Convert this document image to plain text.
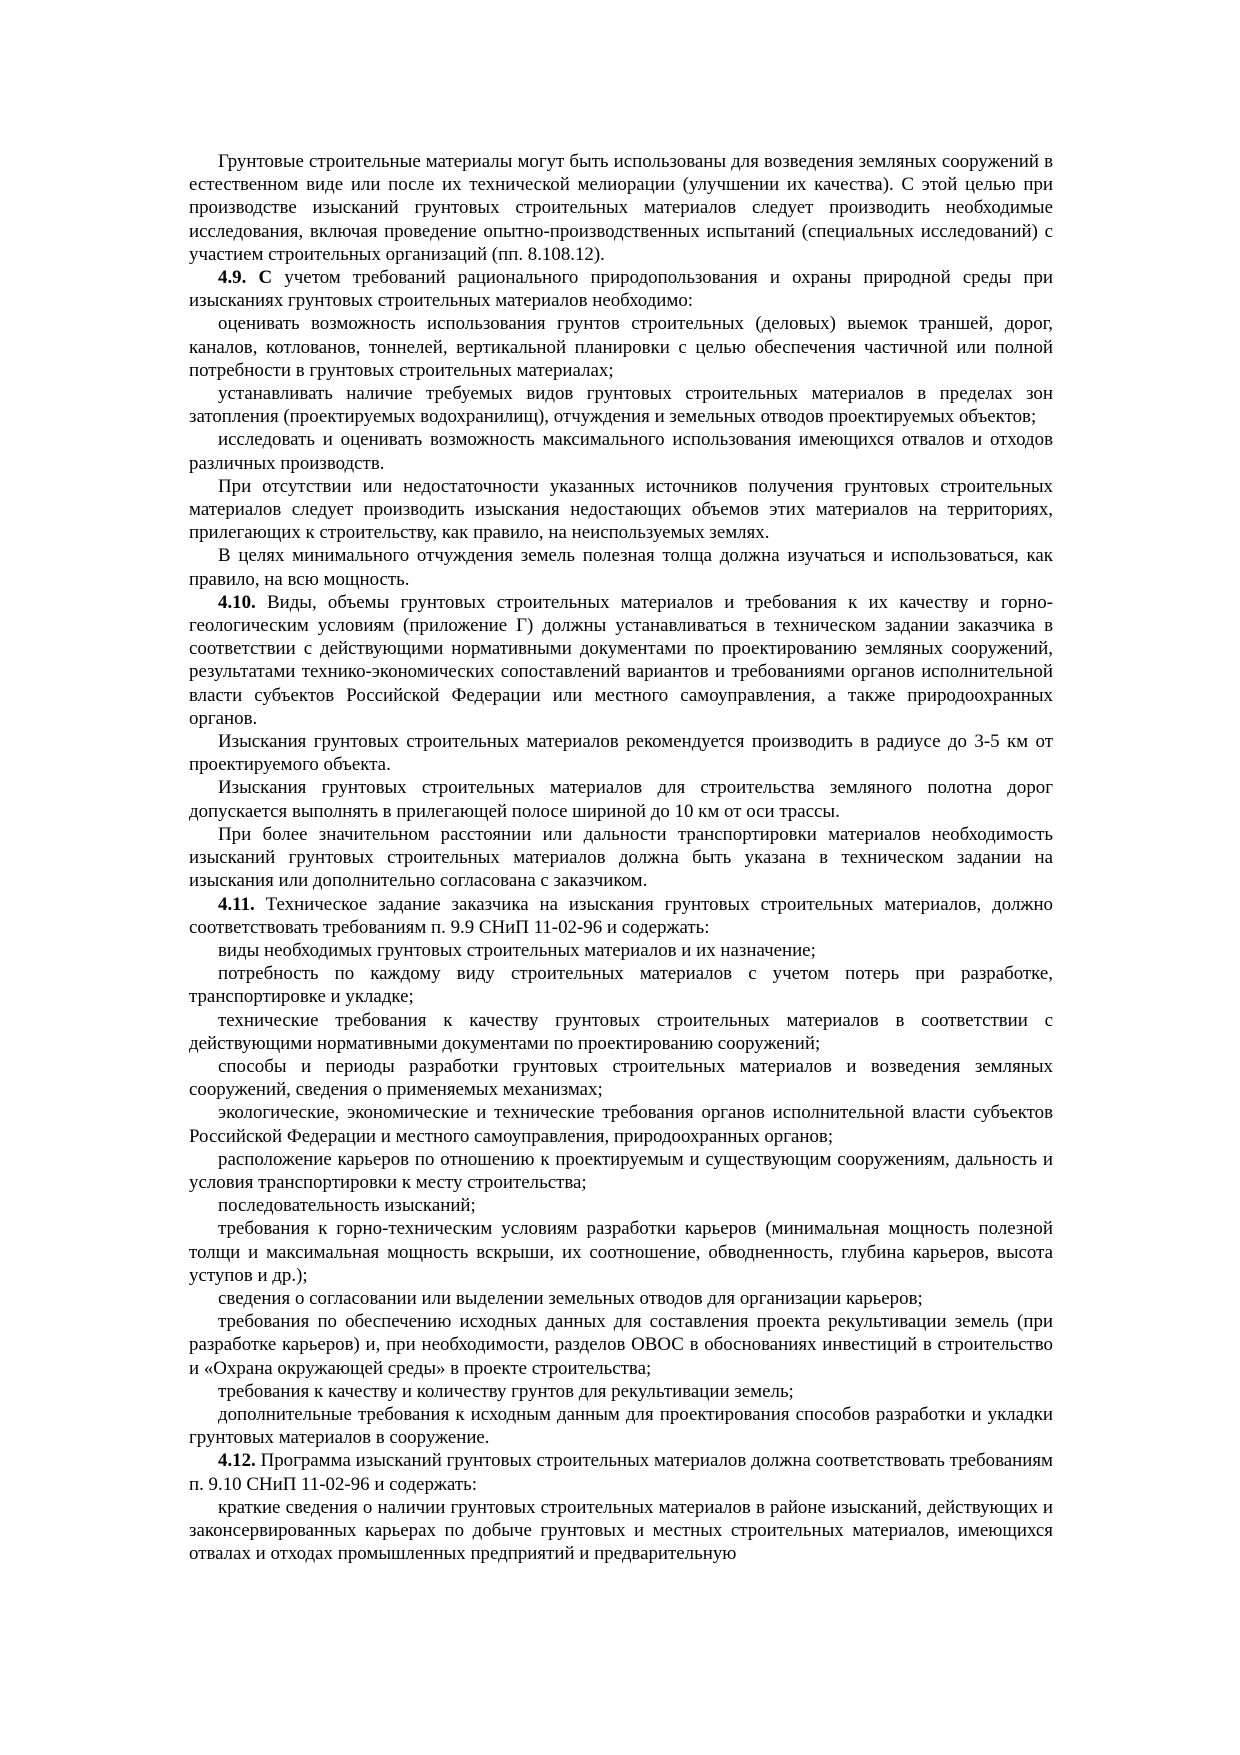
Грунтовые строительные материалы могут быть использованы для возведения земляных сооружений в естественном виде или после их технической мелиорации (улучшении их качества). С этой целью при производстве изысканий грунтовых строительных материалов следует производить необходимые исследования, включая проведение опытно-производственных испытаний (специальных исследований) с участием строительных организаций (пп. 8.108.12).

4.9. С учетом требований рационального природопользования и охраны природной среды при изысканиях грунтовых строительных материалов необходимо:

оценивать возможность использования грунтов строительных (деловых) выемок траншей, дорог, каналов, котлованов, тоннелей, вертикальной планировки с целью обеспечения частичной или полной потребности в грунтовых строительных материалах;

устанавливать наличие требуемых видов грунтовых строительных материалов в пределах зон затопления (проектируемых водохранилищ), отчуждения и земельных отводов проектируемых объектов;

исследовать и оценивать возможность максимального использования имеющихся отвалов и отходов различных производств.

При отсутствии или недостаточности указанных источников получения грунтовых строительных материалов следует производить изыскания недостающих объемов этих материалов на территориях, прилегающих к строительству, как правило, на неиспользуемых землях.

В целях минимального отчуждения земель полезная толща должна изучаться и использоваться, как правило, на всю мощность.

4.10. Виды, объемы грунтовых строительных материалов и требования к их качеству и горно-геологическим условиям (приложение Г) должны устанавливаться в техническом задании заказчика в соответствии с действующими нормативными документами по проектированию земляных сооружений, результатами технико-экономических сопоставлений вариантов и требованиями органов исполнительной власти субъектов Российской Федерации или местного самоуправления, а также природоохранных органов.

Изыскания грунтовых строительных материалов рекомендуется производить в радиусе до 3-5 км от проектируемого объекта.

Изыскания грунтовых строительных материалов для строительства земляного полотна дорог допускается выполнять в прилегающей полосе шириной до 10 км от оси трассы.

При более значительном расстоянии или дальности транспортировки материалов необходимость изысканий грунтовых строительных материалов должна быть указана в техническом задании на изыскания или дополнительно согласована с заказчиком.

4.11. Техническое задание заказчика на изыскания грунтовых строительных материалов, должно соответствовать требованиям п. 9.9 СНиП 11-02-96 и содержать:

виды необходимых грунтовых строительных материалов и их назначение;

потребность по каждому виду строительных материалов с учетом потерь при разработке, транспортировке и укладке;

технические требования к качеству грунтовых строительных материалов в соответствии с действующими нормативными документами по проектированию сооружений;

способы и периоды разработки грунтовых строительных материалов и возведения земляных сооружений, сведения о применяемых механизмах;

экологические, экономические и технические требования органов исполнительной власти субъектов Российской Федерации и местного самоуправления, природоохранных органов;

расположение карьеров по отношению к проектируемым и существующим сооружениям, дальность и условия транспортировки к месту строительства;

последовательность изысканий;

требования к горно-техническим условиям разработки карьеров (минимальная мощность полезной толщи и максимальная мощность вскрыши, их соотношение, обводненность, глубина карьеров, высота уступов и др.);

сведения о согласовании или выделении земельных отводов для организации карьеров;

требования по обеспечению исходных данных для составления проекта рекультивации земель (при разработке карьеров) и, при необходимости, разделов ОВОС в обоснованиях инвестиций в строительство и «Охрана окружающей среды» в проекте строительства;

требования к качеству и количеству грунтов для рекультивации земель;

дополнительные требования к исходным данным для проектирования способов разработки и укладки грунтовых материалов в сооружение.

4.12. Программа изысканий грунтовых строительных материалов должна соответствовать требованиям п. 9.10 СНиП 11-02-96 и содержать:

краткие сведения о наличии грунтовых строительных материалов в районе изысканий, действующих и законсервированных карьерах по добыче грунтовых и местных строительных материалов, имеющихся отвалах и отходах промышленных предприятий и предварительную
